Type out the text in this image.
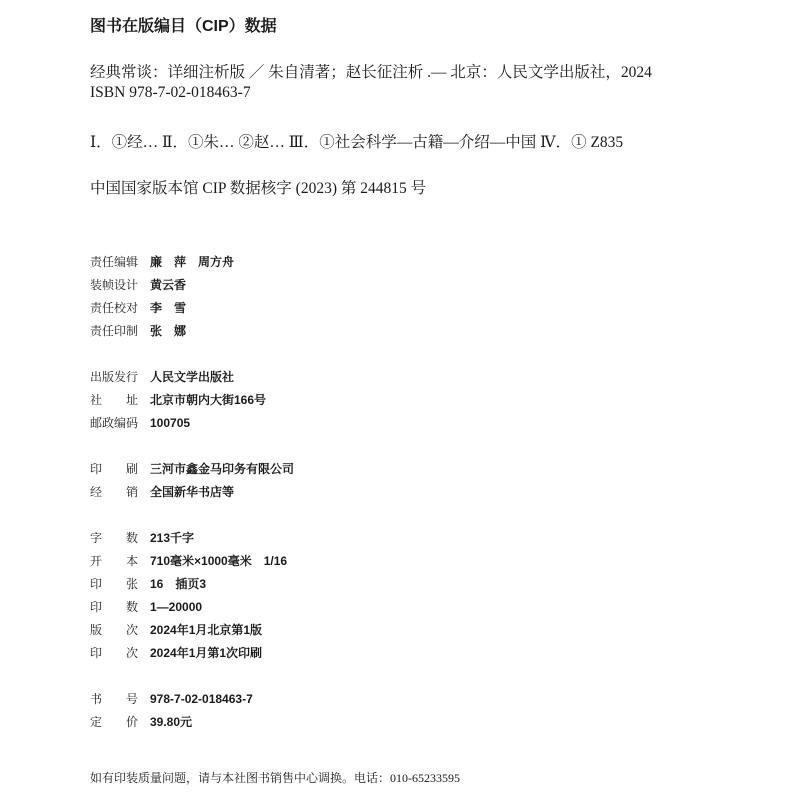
图书在版编目（CIP）数据
经典常谈：详细注析版 ／ 朱自清著；赵长征注析 .— 北京：人民文学出版社，2024
ISBN 978-7-02-018463-7
Ⅰ．①经… Ⅱ．①朱… ②赵… Ⅲ．①社会科学—古籍—介绍—中国 Ⅳ．① Z835
中国国家版本馆 CIP 数据核字 (2023) 第 244815 号
责任编辑 廉　萍　周方舟
装帧设计 黄云香
责任校对 李　雪
责任印制 张　娜
出版发行 人民文学出版社
社　　址 北京市朝内大街166号
邮政编码 100705
印　　刷 三河市鑫金马印务有限公司
经　　销 全国新华书店等
字　　数 213千字
开　　本 710毫米×1000毫米　1/16
印　　张 16　插页3
印　　数 1—20000
版　　次 2024年1月北京第1版
印　　次 2024年1月第1次印刷
书　　号 978-7-02-018463-7
定　　价 39.80元
如有印装质量问题，请与本社图书销售中心调换。电话：010-65233595
